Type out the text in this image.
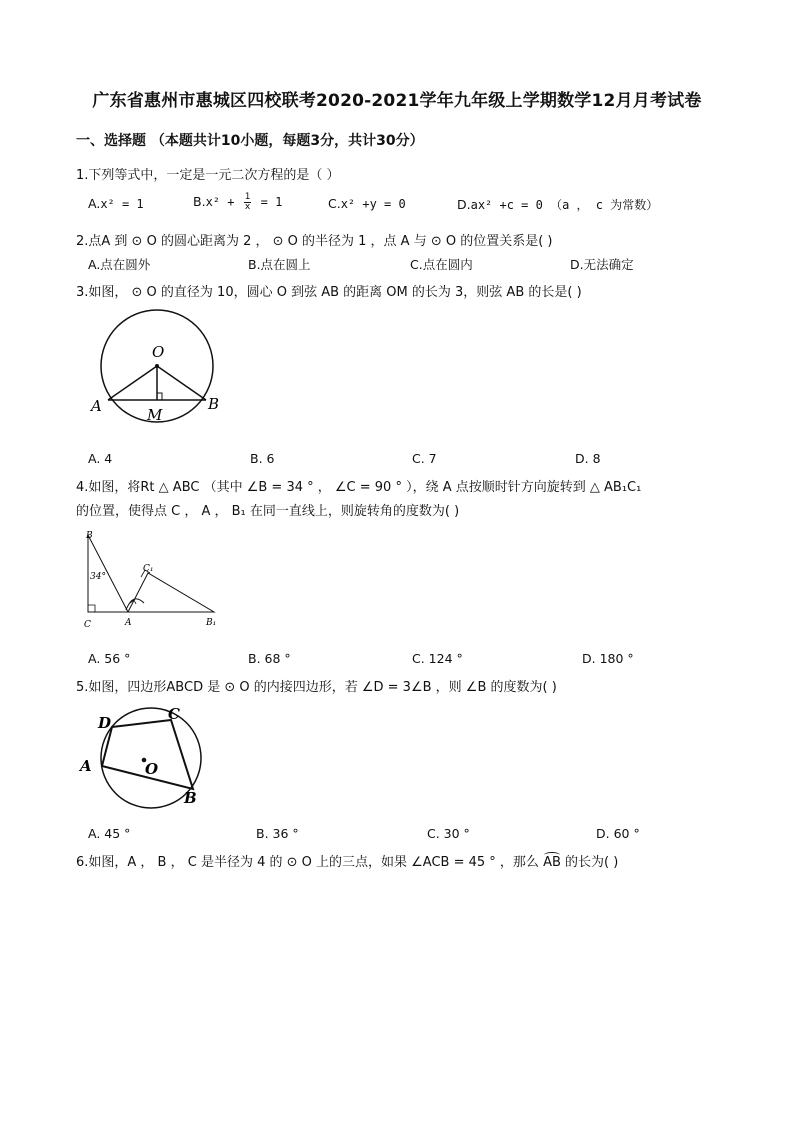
广东省惠州市惠城区四校联考2020-2021学年九年级上学期数学12月月考试卷
一、选择题 （本题共计10小题，每题3分，共计30分）
1.下列等式中，一定是一元二次方程的是（ ）
A.x² = 1	$B.x^2 + \frac{1}{x} = 1$	C.x² +y = 0	D.ax² +c = 0 （a ， c 为常数）
2.点A 到 ⊙ O 的圆心距离为 2 ， ⊙ O 的半径为 1 ，点 A 与 ⊙ O 的位置关系是( )
A.点在圆外	B.点在圆上	C.点在圆内	D.无法确定
3.如图， ⊙ O 的直径为 10，圆心 O 到弦 AB 的距离 OM 的长为 3，则弦 AB 的长是( )
O
A	B
M
A. 4	B. 6	C. 7	D. 8
4.如图，将Rt △ ABC （其中 ∠B = 34 ° ， ∠C = 90 ° ），绕 A 点按顺时针方向旋转到 △ AB₁C₁
的位置，使得点 C ， A ， B₁ 在同一直线上，则旋转角的度数为( )
B
34°
C	A
C₁
B₁
A. 56 °	B. 68 °	C. 124 °	D. 180 °
5.如图，四边形ABCD 是 ⊙ O 的内接四边形，若 ∠D = 3∠B ，则 ∠B 的度数为( )
D	C
A	O
B
A. 45 °	B. 36 °	C. 30 °	D. 60 °
6.如图，A ， B ， C 是半径为 4 的 ⊙ O 上的三点，如果 ∠ACB = 45 ° ，那么 AB 的长为( )
